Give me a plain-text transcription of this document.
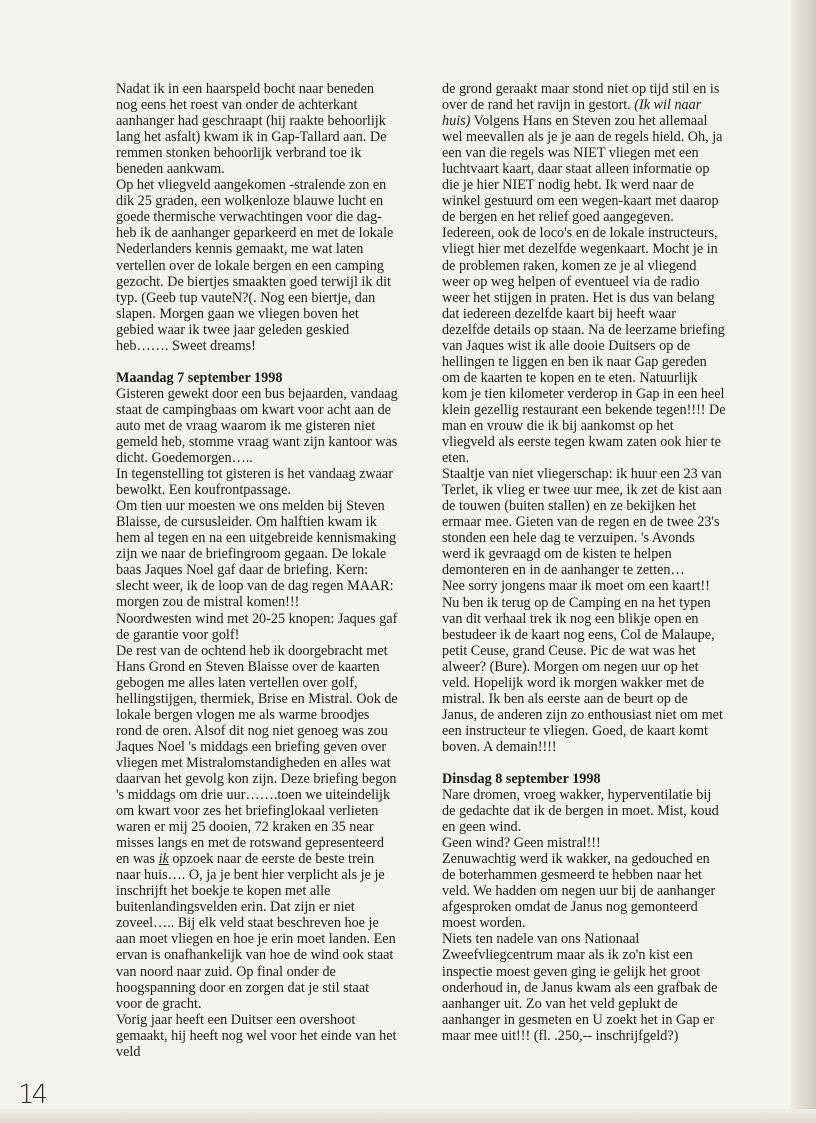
Nadat ik in een haarspeld bocht naar beneden nog eens het roest van onder de achterkant aanhanger had geschraapt (hij raakte behoorlijk lang het asfalt) kwam ik in Gap-Tallard aan. De remmen stonken behoorlijk verbrand toe ik beneden aankwam.

Op het vliegveld aangekomen -stralende zon en dik 25 graden, een wolkenloze blauwe lucht en goede thermische verwachtingen voor die dag- heb ik de aanhanger geparkeerd en met de lokale Nederlanders kennis gemaakt, me wat laten vertellen over de lokale bergen en een camping gezocht. De biertjes smaakten goed terwijl ik dit typ. (Geeb tup vauteN?(. Nog een biertje, dan slapen. Morgen gaan we vliegen boven het gebied waar ik twee jaar geleden geskied heb……. Sweet dreams!

Maandag 7 september 1998

Gisteren gewekt door een bus bejaarden, vandaag staat de campingbaas om kwart voor acht aan de auto met de vraag waarom ik me gisteren niet gemeld heb, stomme vraag want zijn kantoor was dicht. Goedemorgen…..

In tegenstelling tot gisteren is het vandaag zwaar bewolkt. Een koufrontpassage.

Om tien uur moesten we ons melden bij Steven Blaisse, de cursusleider. Om halftien kwam ik hem al tegen en na een uitgebreide kennismaking zijn we naar de briefingroom gegaan. De lokale baas Jaques Noel gaf daar de briefing. Kern: slecht weer, ik de loop van de dag regen MAAR: morgen zou de mistral komen!!!

Noordwesten wind met 20-25 knopen: Jaques gaf de garantie voor golf!

De rest van de ochtend heb ik doorgebracht met Hans Grond en Steven Blaisse over de kaarten gebogen me alles laten vertellen over golf, hellingstijgen, thermiek, Brise en Mistral. Ook de lokale bergen vlogen me als warme broodjes rond de oren. Alsof dit nog niet genoeg was zou Jaques Noel 's middags een briefing geven over vliegen met Mistralomstandigheden en alles wat daarvan het gevolg kon zijn. Deze briefing begon 's middags om drie uur…….toen we uiteindelijk om kwart voor zes het briefinglokaal verlieten waren er mij 25 dooien, 72 kraken en 35 near misses langs en met de rotswand gepresenteerd en was ik opzoek naar de eerste de beste trein naar huis…. O, ja je bent hier verplicht als je je inschrijft het boekje te kopen met alle buitenlandingsvelden erin. Dat zijn er niet zoveel….. Bij elk veld staat beschreven hoe je aan moet vliegen en hoe je erin moet landen. Een ervan is onafhankelijk van hoe de wind ook staat van noord naar zuid. Op final onder de hoogspanning door en zorgen dat je stil staat voor de gracht.

Vorig jaar heeft een Duitser een overshoot gemaakt, hij heeft nog wel voor het einde van het veld

de grond geraakt maar stond niet op tijd stil en is over de rand het ravijn in gestort. (Ik wil naar huis) Volgens Hans en Steven zou het allemaal wel meevallen als je je aan de regels hield. Oh, ja een van die regels was NIET vliegen met een luchtvaart kaart, daar staat alleen informatie op die je hier NIET nodig hebt. Ik werd naar de winkel gestuurd om een wegen-kaart met daarop de bergen en het relief goed aangegeven.

Iedereen, ook de loco's en de lokale instructeurs, vliegt hier met dezelfde wegenkaart. Mocht je in de problemen raken, komen ze je al vliegend weer op weg helpen of eventueel via de radio weer het stijgen in praten. Het is dus van belang dat iedereen dezelfde kaart bij heeft waar dezelfde details op staan. Na de leerzame briefing van Jaques wist ik alle dooie Duitsers op de hellingen te liggen en ben ik naar Gap gereden om de kaarten te kopen en te eten. Natuurlijk kom je tien kilometer verderop in Gap in een heel klein gezellig restaurant een bekende tegen!!!! De man en vrouw die ik bij aankomst op het vliegveld als eerste tegen kwam zaten ook hier te eten.

Staaltje van niet vliegerschap: ik huur een 23 van Terlet, ik vlieg er twee uur mee, ik zet de kist aan de touwen (buiten stallen) en ze bekijken het ermaar mee. Gieten van de regen en de twee 23's stonden een hele dag te verzuipen. 's Avonds werd ik gevraagd om de kisten te helpen demonteren en in de aanhanger te zetten…

Nee sorry jongens maar ik moet om een kaart!!

Nu ben ik terug op de Camping en na het typen van dit verhaal trek ik nog een blikje open en bestudeer ik de kaart nog eens, Col de Malaupe, petit Ceuse, grand Ceuse. Pic de wat was het alweer? (Bure). Morgen om negen uur op het veld. Hopelijk word ik morgen wakker met de mistral. Ik ben als eerste aan de beurt op de Janus, de anderen zijn zo enthousiast niet om met een instructeur te vliegen. Goed, de kaart komt boven. A demain!!!!

Dinsdag 8 september 1998

Nare dromen, vroeg wakker, hyperventilatie bij de gedachte dat ik de bergen in moet. Mist, koud en geen wind.

Geen wind? Geen mistral!!!

Zenuwachtig werd ik wakker, na gedouched en de boterhammen gesmeerd te hebben naar het veld. We hadden om negen uur bij de aanhanger afgesproken omdat de Janus nog gemonteerd moest worden.

Niets ten nadele van ons Nationaal Zweefvliegcentrum maar als ik zo'n kist een inspectie moest geven ging ie gelijk het groot onderhoud in, de Janus kwam als een grafbak de aanhanger uit. Zo van het veld geplukt de aanhanger in gesmeten en U zoekt het in Gap er maar mee uit!!! (fl. .250,-- inschrijfgeld?)

14
